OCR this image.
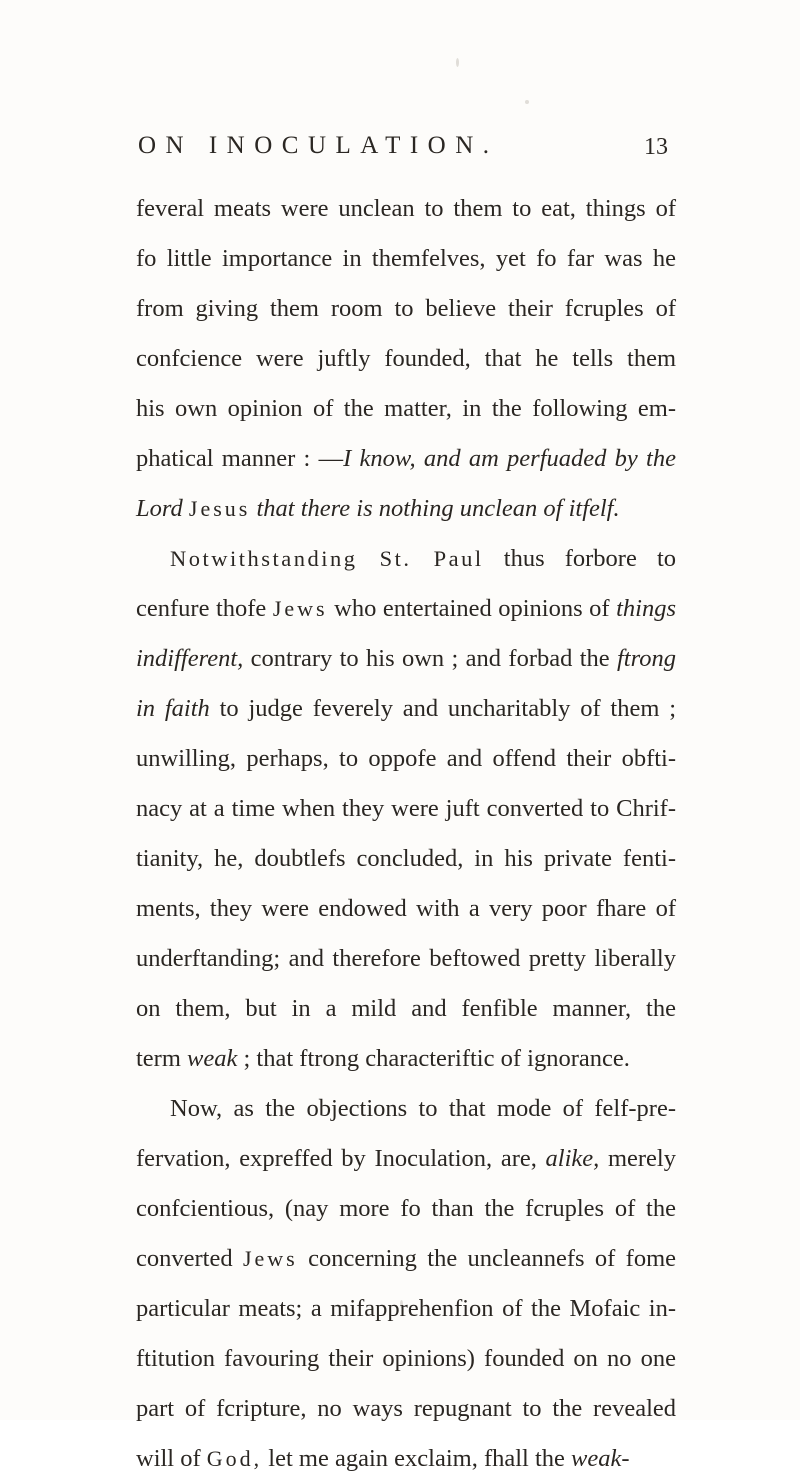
ON INOCULATION.	13
feveral meats were unclean to them to eat, things of
fo little importance in themfelves, yet fo far was he
from giving them room to believe their fcruples of
confcience were juftly founded, that he tells them
his own opinion of the matter, in the following em-
phatical manner : —I know, and am perfuaded by the
Lord Jesus that there is nothing unclean of itfelf.
Notwithstanding St. Paul thus forbore to
cenfure thofe Jews who entertained opinions of things
indifferent, contrary to his own ; and forbad the ftrong
in faith to judge feverely and uncharitably of them ;
unwilling, perhaps, to oppofe and offend their obfti-
nacy at a time when they were juft converted to Chrif-
tianity, he, doubtlefs concluded, in his private fenti-
ments, they were endowed with a very poor fhare of
underftanding; and therefore beftowed pretty liberally
on them, but in a mild and fenfible manner, the
term weak ; that ftrong characteriftic of ignorance.
Now, as the objections to that mode of felf-pre-
fervation, expreffed by Inoculation, are, alike, merely
confcientious, (nay more fo than the fcruples of the
converted Jews concerning the uncleannefs of fome
particular meats; a mifapprehenfion of the Mofaic in-
ftitution favouring their opinions) founded on no one
part of fcripture, no ways repugnant to the revealed
will of God, let me again exclaim, fhall the weak-
